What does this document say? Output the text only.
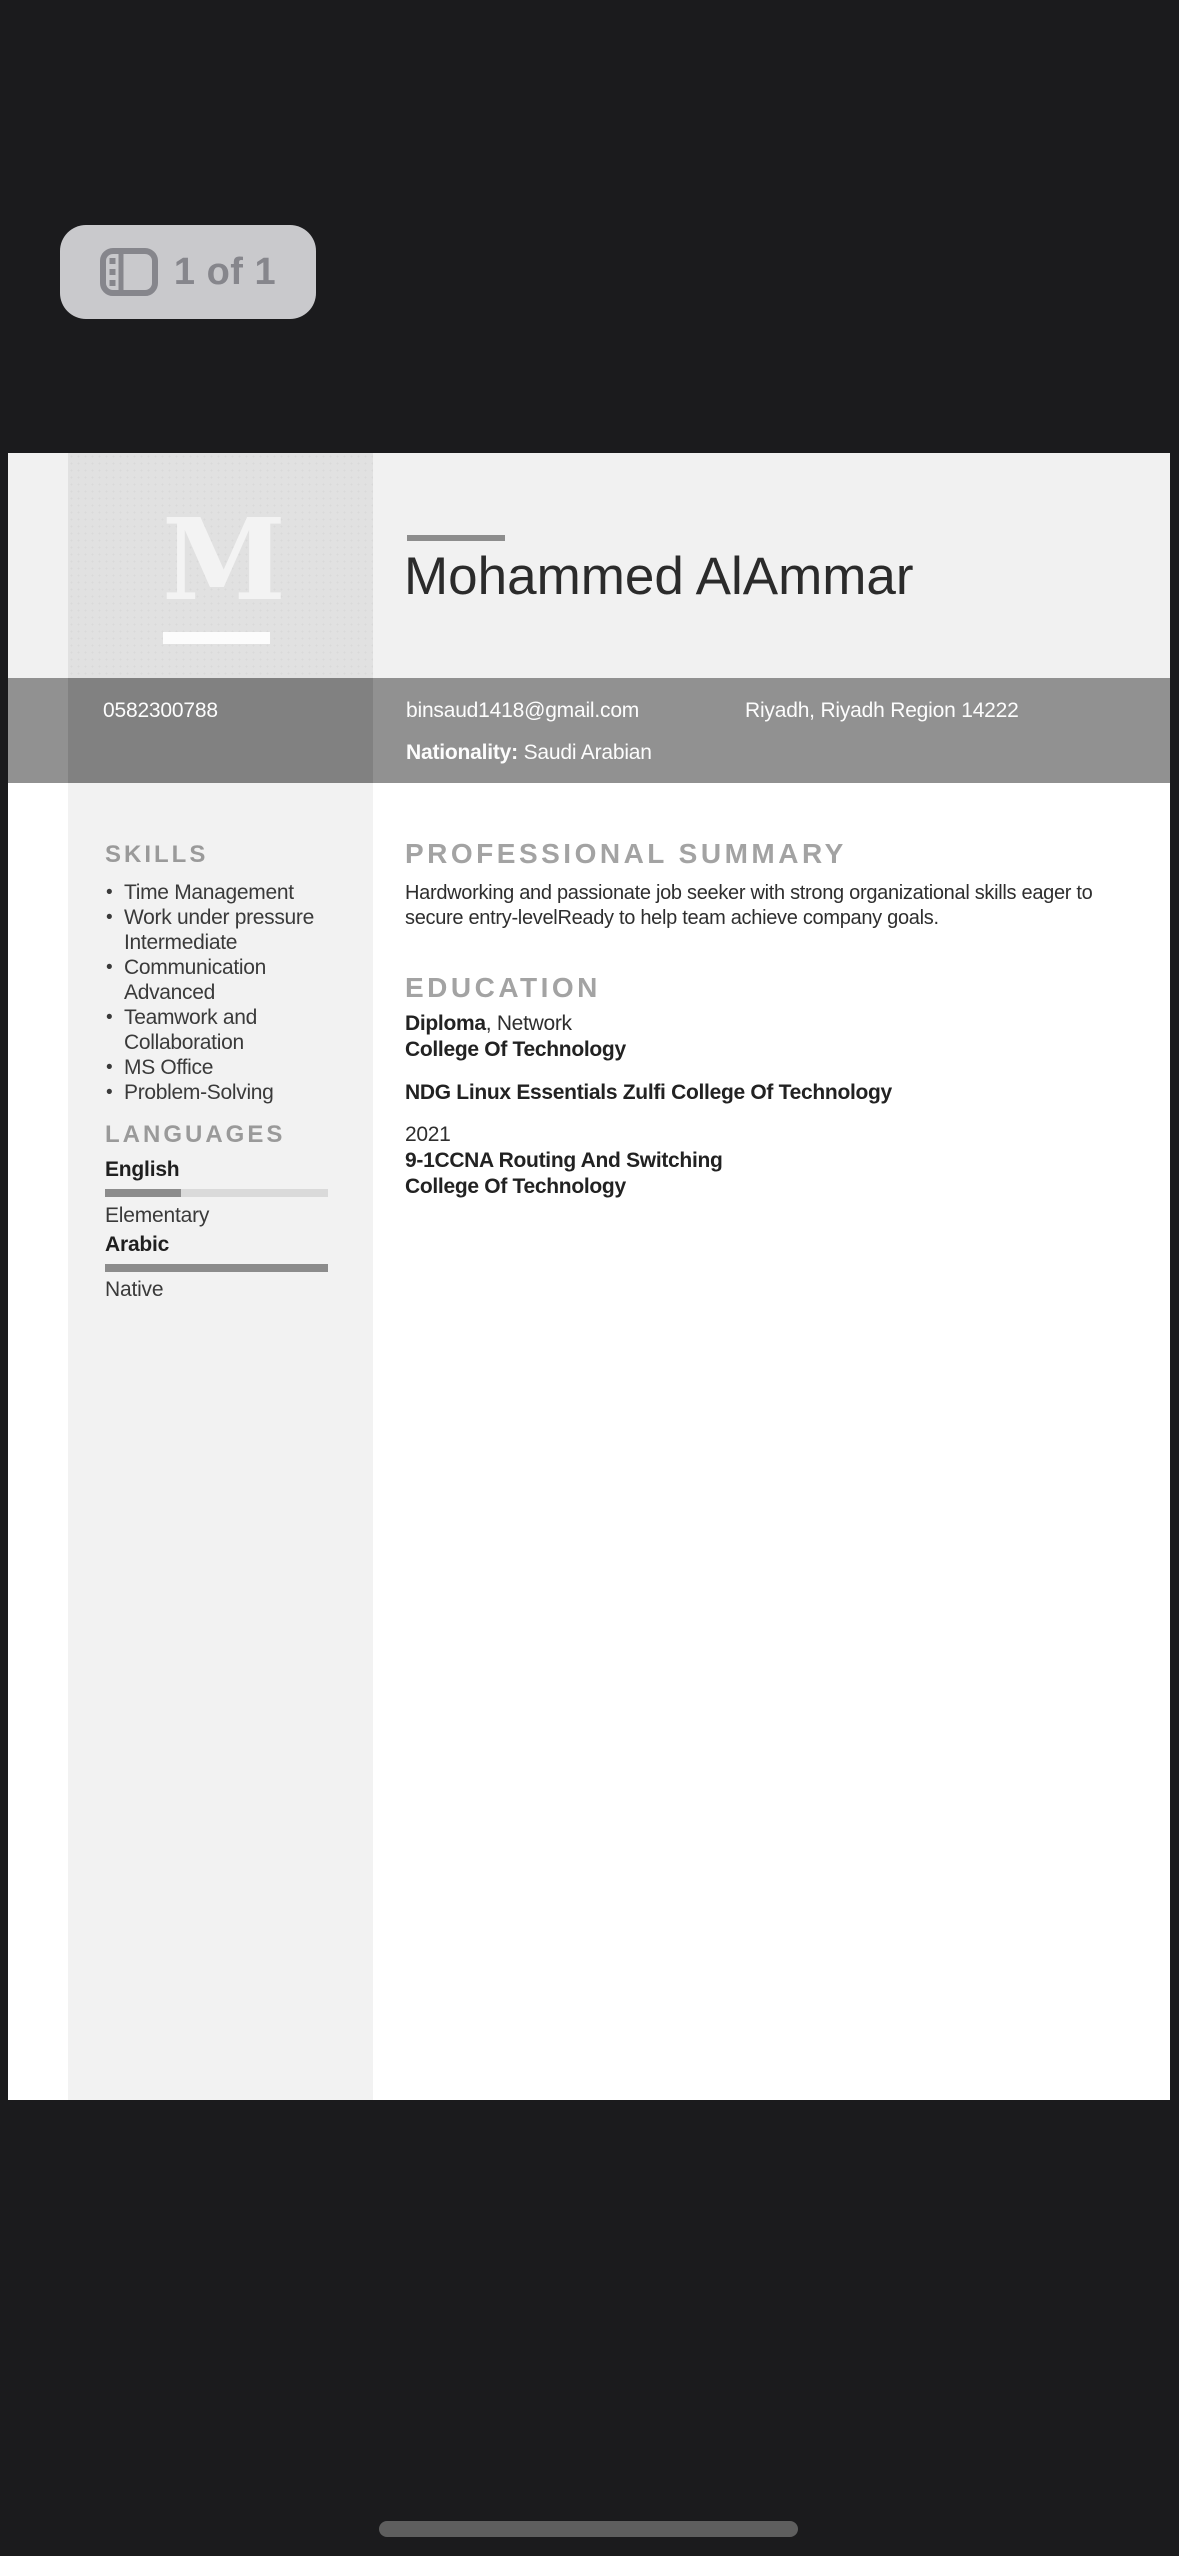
1 of 1
M Mohammed AlAmmar
0582300788	binsaud1418@gmail.com	Riyadh, Riyadh Region 14222
Nationality: Saudi Arabian
SKILLS
• Time Management
• Work under pressure Intermediate
• Communication Advanced
• Teamwork and Collaboration
• MS Office
• Problem-Solving
LANGUAGES
English
Elementary
Arabic
Native
PROFESSIONAL SUMMARY
Hardworking and passionate job seeker with strong organizational skills eager to secure entry-levelReady to help team achieve company goals.
EDUCATION
Diploma, Network
College Of Technology
NDG Linux Essentials Zulfi College Of Technology
2021
9-1CCNA Routing And Switching
College Of Technology
